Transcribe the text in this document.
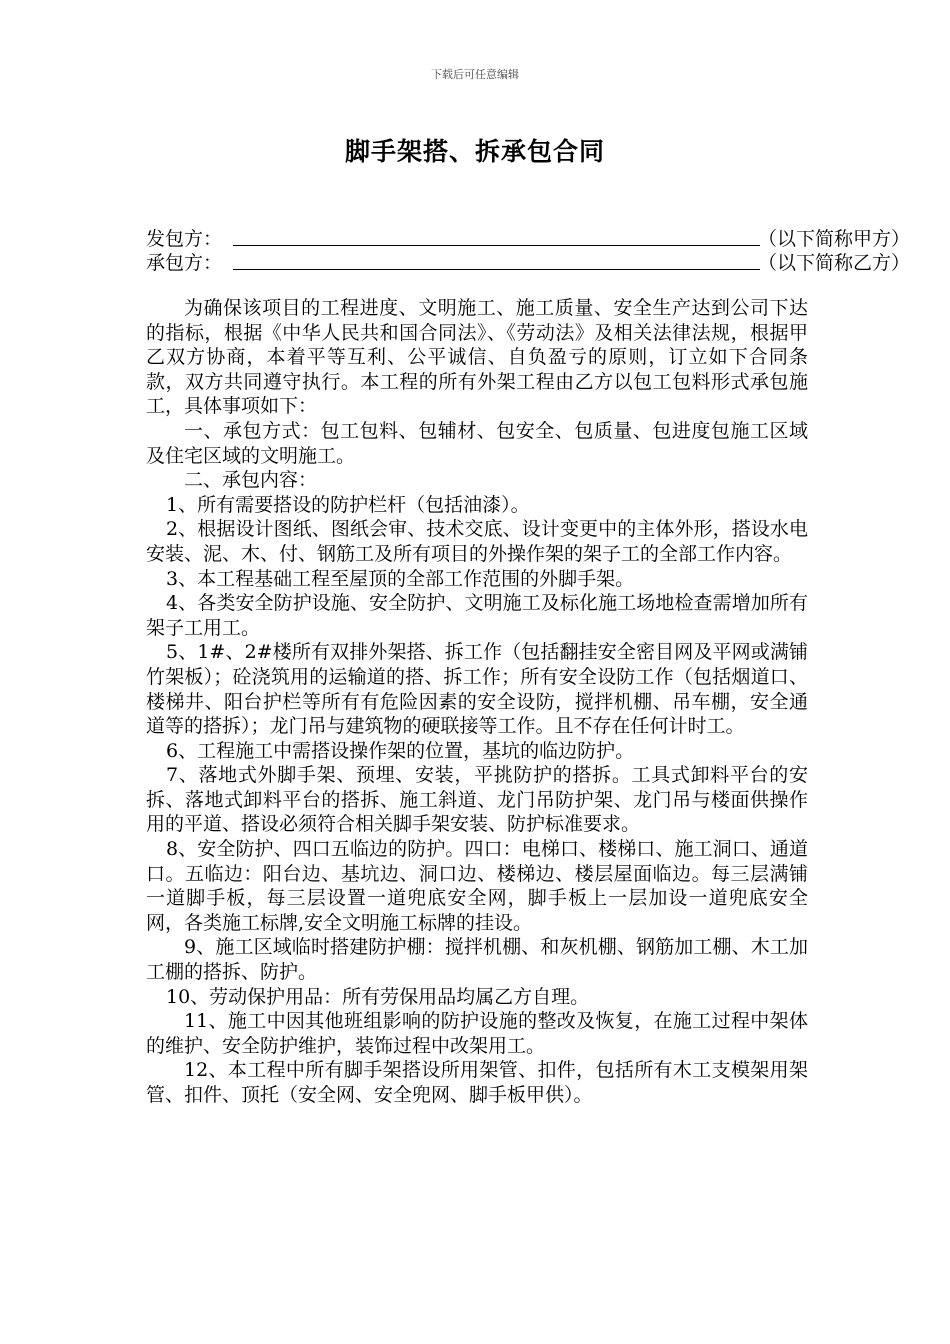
下载后可任意编辑
脚手架搭、拆承包合同
发包方：	（以下简称甲方）
承包方：	（以下简称乙方）

为确保该项目的工程进度、文明施工、施工质量、安全生产达到公司下达的指标，根据《中华人民共和国合同法》、《劳动法》及相关法律法规，根据甲乙双方协商，本着平等互利、公平诚信、自负盈亏的原则，订立如下合同条款，双方共同遵守执行。本工程的所有外架工程由乙方以包工包料形式承包施工，具体事项如下：

一、承包方式：包工包料、包辅材、包安全、包质量、包进度包施工区域及住宅区域的文明施工。

二、承包内容：

1、所有需要搭设的防护栏杆（包括油漆）。

2、根据设计图纸、图纸会审、技术交底、设计变更中的主体外形，搭设水电安装、泥、木、付、钢筋工及所有项目的外操作架的架子工的全部工作内容。

3、本工程基础工程至屋顶的全部工作范围的外脚手架。

4、各类安全防护设施、安全防护、文明施工及标化施工场地检查需增加所有架子工用工。

5、1#、2#楼所有双排外架搭、拆工作（包括翻挂安全密目网及平网或满铺竹架板）；砼浇筑用的运输道的搭、拆工作；所有安全设防工作（包括烟道口、楼梯井、阳台护栏等所有有危险因素的安全设防，搅拌机棚、吊车棚，安全通道等的搭拆）；龙门吊与建筑物的硬联接等工作。且不存在任何计时工。

6、工程施工中需搭设操作架的位置，基坑的临边防护。

7、落地式外脚手架、预埋、安装，平挑防护的搭拆。工具式卸料平台的安拆、落地式卸料平台的搭拆、施工斜道、龙门吊防护架、龙门吊与楼面供操作用的平道、搭设必须符合相关脚手架安装、防护标准要求。

8、安全防护、四口五临边的防护。四口：电梯口、楼梯口、施工洞口、通道口。五临边：阳台边、基坑边、洞口边、楼梯边、楼层屋面临边。每三层满铺一道脚手板，每三层设置一道兜底安全网，脚手板上一层加设一道兜底安全网，各类施工标牌,安全文明施工标牌的挂设。

9、施工区域临时搭建防护棚：搅拌机棚、和灰机棚、钢筋加工棚、木工加工棚的搭拆、防护。

10、劳动保护用品：所有劳保用品均属乙方自理。

11、施工中因其他班组影响的防护设施的整改及恢复，在施工过程中架体的维护、安全防护维护，装饰过程中改架用工。

12、本工程中所有脚手架搭设所用架管、扣件，包括所有木工支模架用架管、扣件、顶托（安全网、安全兜网、脚手板甲供）。
